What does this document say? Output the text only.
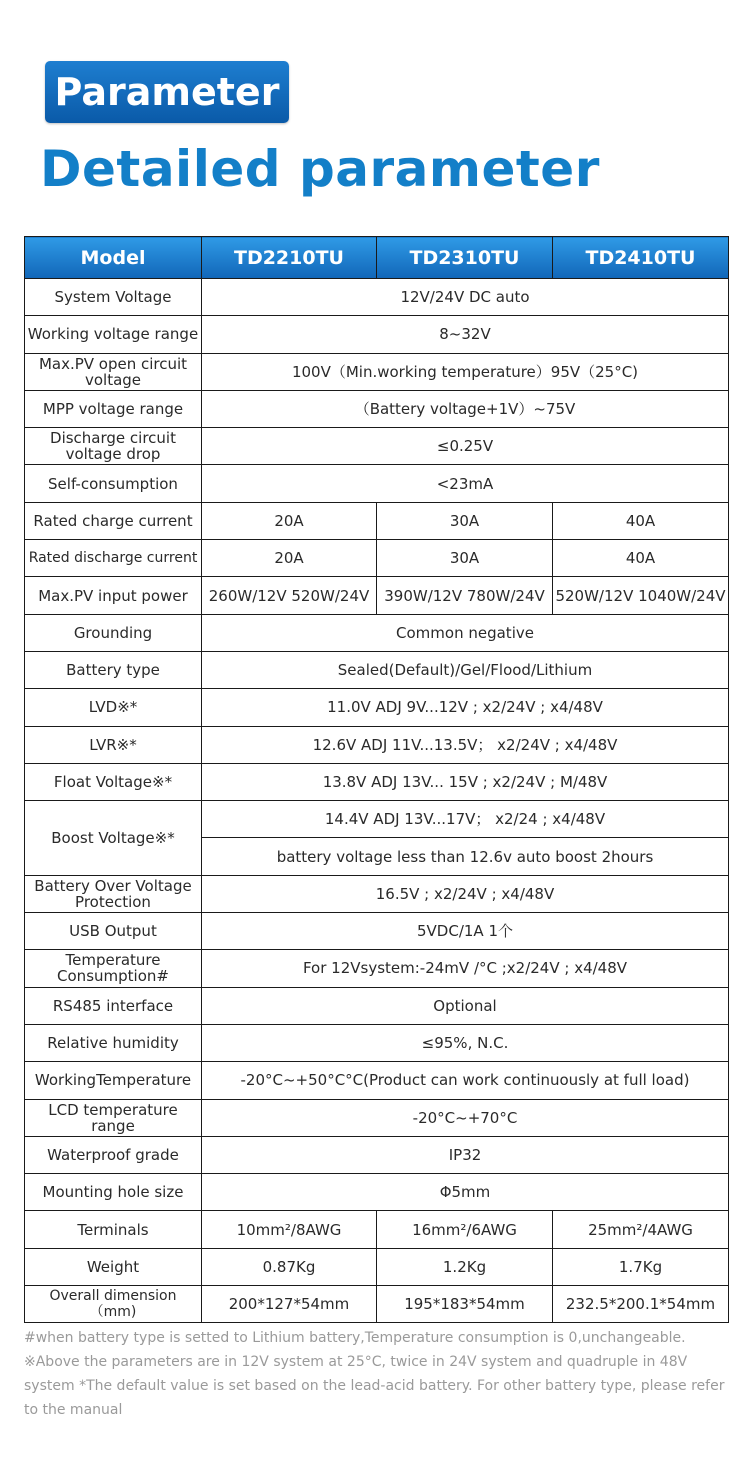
Parameter
Detailed parameter
Model	TD2210TU	TD2310TU	TD2410TU
System Voltage	12V/24V DC auto		
Working voltage range	8~32V		
Max.PV open circuit voltage	100V（Min.working temperature）95V（25°C)		
MPP voltage range	（Battery voltage+1V）~75V		
Discharge circuit voltage drop	≤0.25V		
Self-consumption	<23mA		
Rated charge current	20A	30A	40A
Rated discharge current	20A	30A	40A
Max.PV input power	260W/12V 520W/24V	390W/12V 780W/24V	520W/12V 1040W/24V
Grounding	Common negative		
Battery type	Sealed(Default)/Gel/Flood/Lithium		
LVD※*	11.0V ADJ 9V...12V ; x2/24V ; x4/48V		
LVR※*	12.6V ADJ 11V...13.5V； x2/24V ; x4/48V		
Float Voltage※*	13.8V ADJ 13V... 15V ; x2/24V ; M/48V		
Boost Voltage※*	14.4V ADJ 13V...17V； x2/24 ; x4/48V		
	battery voltage less than 12.6v auto boost 2hours		
Battery Over Voltage Protection	16.5V ; x2/24V ; x4/48V		
USB Output	5VDC/1A 1个		
Temperature Consumption#	For 12Vsystem:-24mV /°C ;x2/24V ; x4/48V		
RS485 interface	Optional		
Relative humidity	≤95%, N.C.		
WorkingTemperature	-20°C~+50°C°C(Product can work continuously at full load)		
LCD temperature range	-20°C~+70°C		
Waterproof grade	IP32		
Mounting hole size	Φ5mm		
Terminals	10mm²/8AWG	16mm²/6AWG	25mm²/4AWG
Weight	0.87Kg	1.2Kg	1.7Kg
Overall dimension（mm)	200*127*54mm	195*183*54mm	232.5*200.1*54mm
#when battery type is setted to Lithium battery,Temperature consumption is 0,unchangeable. ※Above the parameters are in 12V system at 25°C, twice in 24V system and quadruple in 48V system *The default value is set based on the lead-acid battery. For other battery type, please refer to the manual
